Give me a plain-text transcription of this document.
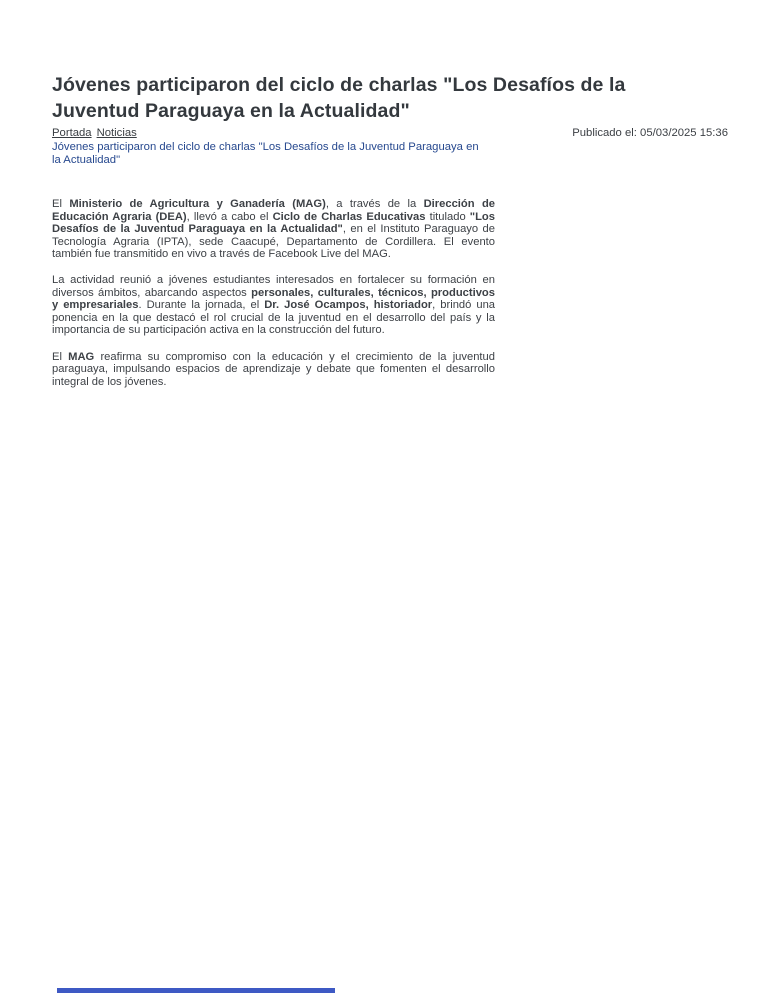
Jóvenes participaron del ciclo de charlas "Los Desafíos de la Juventud Paraguaya en la Actualidad"
Portada Noticias
Jóvenes participaron del ciclo de charlas "Los Desafíos de la Juventud Paraguaya en la Actualidad"
Publicado el: 05/03/2025 15:36

El Ministerio de Agricultura y Ganadería (MAG), a través de la Dirección de Educación Agraria (DEA), llevó a cabo el Ciclo de Charlas Educativas titulado "Los Desafíos de la Juventud Paraguaya en la Actualidad", en el Instituto Paraguayo de Tecnología Agraria (IPTA), sede Caacupé, Departamento de Cordillera. El evento también fue transmitido en vivo a través de Facebook Live del MAG.

La actividad reunió a jóvenes estudiantes interesados en fortalecer su formación en diversos ámbitos, abarcando aspectos personales, culturales, técnicos, productivos y empresariales. Durante la jornada, el Dr. José Ocampos, historiador, brindó una ponencia en la que destacó el rol crucial de la juventud en el desarrollo del país y la importancia de su participación activa en la construcción del futuro.

El MAG reafirma su compromiso con la educación y el crecimiento de la juventud paraguaya, impulsando espacios de aprendizaje y debate que fomenten el desarrollo integral de los jóvenes.
